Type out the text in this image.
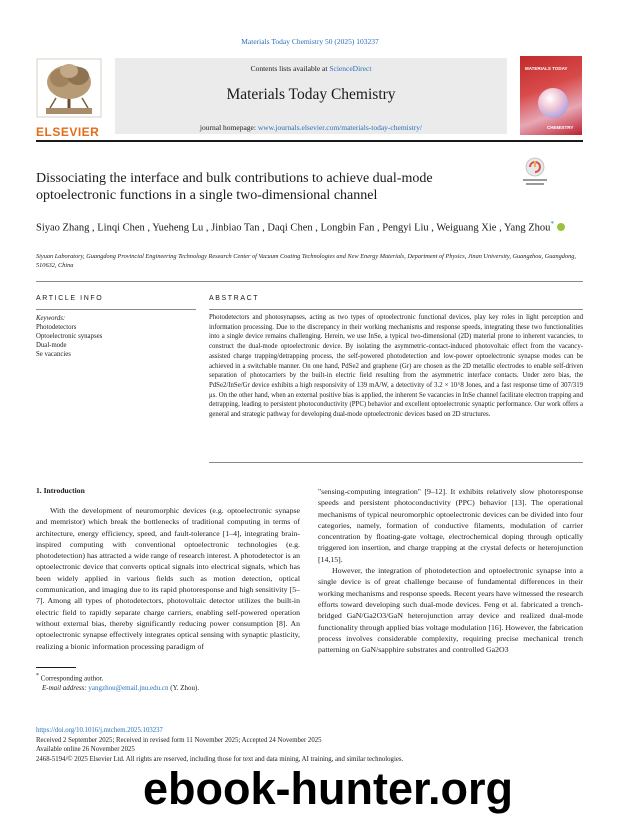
Materials Today Chemistry 50 (2025) 103237
ELSEVIER
Contents lists available at ScienceDirect
Materials Today Chemistry
journal homepage: www.journals.elsevier.com/materials-today-chemistry/
MATERIALS TODAY
CHEMISTRY
Dissociating the interface and bulk contributions to achieve dual-mode optoelectronic functions in a single two-dimensional channel
Siyao Zhang , Linqi Chen , Yueheng Lu , Jinbiao Tan , Daqi Chen , Longbin Fan , Pengyi Liu , Weiguang Xie , Yang Zhou*
Siyuan Laboratory, Guangdong Provincial Engineering Technology Research Center of Vacuum Coating Technologies and New Energy Materials, Department of Physics, Jinan University, Guangzhou, Guangdong, 510632, China
ARTICLE INFO	ABSTRACT
Keywords:
Photodetectors
Optoelectronic synapses
Dual-mode
Se vacancies
Photodetectors and photosynapses, acting as two types of optoelectronic functional devices, play key roles in light perception and information processing. Due to the discrepancy in their working mechanisms and response speeds, integrating these two functionalities into a single device remains challenging. Herein, we use InSe, a typical two-dimensional (2D) material prone to inherent vacancies, to construct the dual-mode optoelectronic device. By isolating the asymmetric-contact-induced photovoltaic effect from the vacancy-assisted charge trapping/detrapping process, the self-powered photodetection and low-power optoelectronic synapse modes can be achieved in a switchable manner. On one hand, PdSe2 and graphene (Gr) are chosen as the 2D metallic electrodes to enable self-driven separation of photocarriers by the built-in electric field resulting from the asymmetric interface contacts. Under zero bias, the PdSe2/InSe/Gr device exhibits a high responsivity of 139 mA/W, a detectivity of 3.2 × 10^8 Jones, and a fast response time of 307/319 μs. On the other hand, when an external positive bias is applied, the inherent Se vacancies in InSe channel facilitate electron trapping and detrapping, leading to persistent photoconductivity (PPC) behavior and excellent optoelectronic synaptic performance. Our work offers a general and strategic pathway for developing dual-mode optoelectronic devices based on 2D structures.
1. Introduction

With the development of neuromorphic devices (e.g. optoelectronic synapse and memristor) which break the bottlenecks of traditional computing in terms of architecture, energy efficiency, speed, and fault-tolerance [1–4], integrating brain-inspired computing with conventional optoelectronic technologies (e.g. photodetection) has attracted a wide range of research interest. A photodetector is an optoelectronic device that converts optical signals into electrical signals, which has been widely applied in various fields such as motion detection, optical communication, and imaging due to its rapid photoresponse and high sensitivity [5–7]. Among all types of photodetectors, photovoltaic detector utilizes the built-in electric field to rapidly separate charge carriers, enabling self-powered operation without external bias, thereby significantly reducing power consumption [8]. An optoelectronic synapse effectively integrates optical sensing with synaptic plasticity, realizing a bionic information processing paradigm of

"sensing-computing integration" [9–12]. It exhibits relatively slow photoresponse speeds and persistent photoconductivity (PPC) behavior [13]. The operational mechanisms of typical neuromorphic optoelectronic devices can be divided into four categories, namely, formation of conductive filaments, modulation of carrier concentration by floating-gate voltage, electrochemical doping through optically triggered ion insertion, and charge trapping at the crystal defects or heterojunction [14,15].

However, the integration of photodetection and optoelectronic synapse into a single device is of great challenge because of fundamental differences in their working mechanisms and response speeds. Recent years have witnessed the research efforts toward developing such dual-mode devices. Feng et al. fabricated a trench-bridged GaN/Ga2O3/GaN heterojunction array device and realized dual-mode functionality through applied bias voltage modulation [16]. However, the fabrication process involves considerable complexity, requiring precise mechanical trench patterning on GaN/sapphire substrates and controlled Ga2O3

* Corresponding author.
E-mail address: yangzhou@email.jnu.edu.cn (Y. Zhou).
https://doi.org/10.1016/j.mtchem.2025.103237
Received 2 September 2025; Received in revised form 11 November 2025; Accepted 24 November 2025
Available online 26 November 2025
2468-5194/© 2025 Elsevier Ltd. All rights are reserved, including those for text and data mining, AI training, and similar technologies.
ebook-hunter.org
